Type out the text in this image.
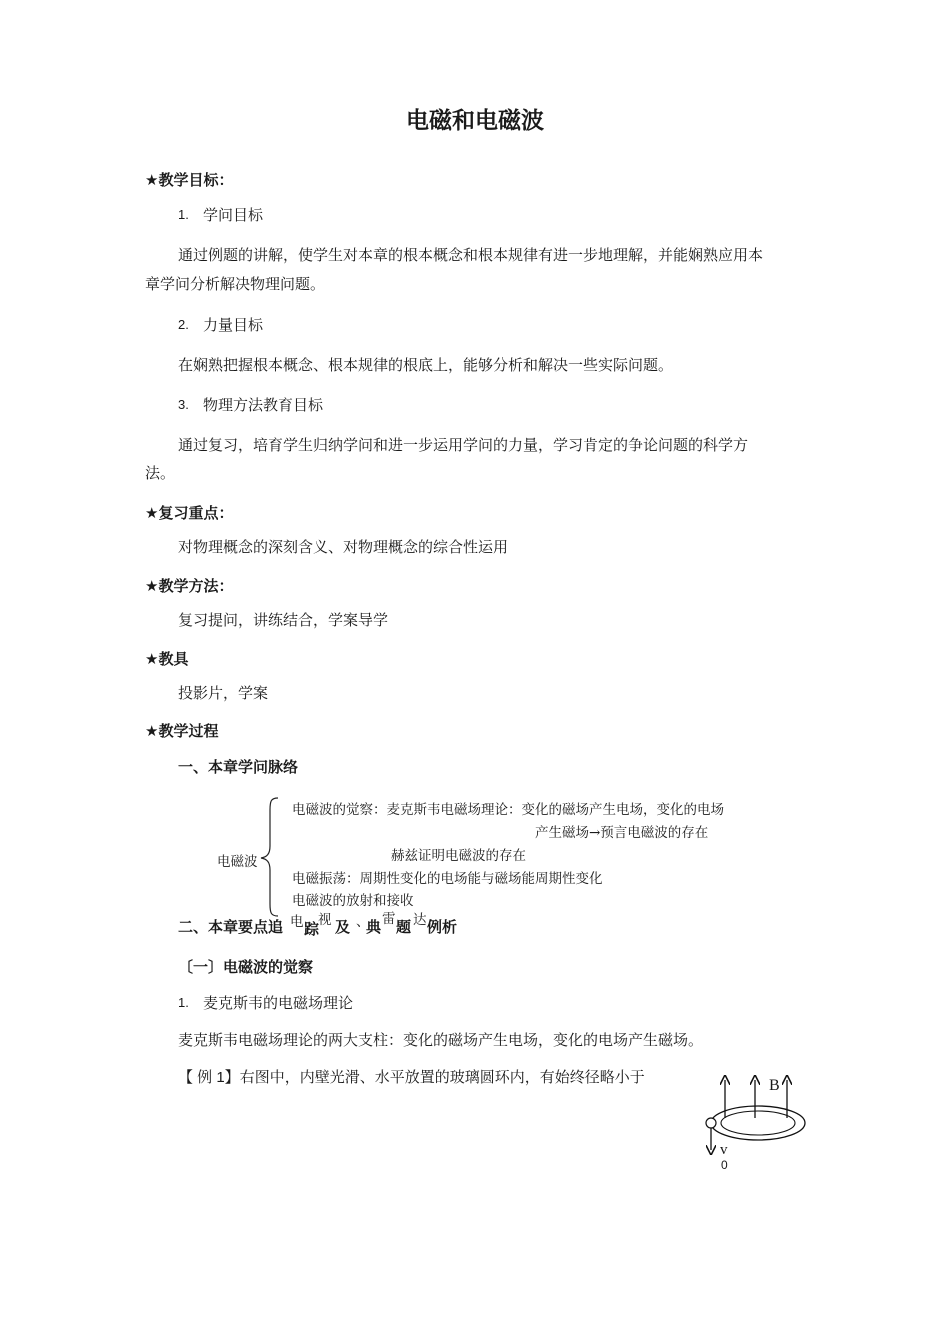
电磁和电磁波
★教学目标：
1. 学问目标
通过例题的讲解，使学生对本章的根本概念和根本规律有进一步地理解，并能娴熟应用本
章学问分析解决物理问题。
2. 力量目标
在娴熟把握根本概念、根本规律的根底上，能够分析和解决一些实际问题。
3. 物理方法教育目标
通过复习，培育学生归纳学问和进一步运用学问的力量，学习肯定的争论问题的科学方
法。
★复习重点：
对物理概念的深刻含义、对物理概念的综合性运用
★教学方法：
复习提问，讲练结合，学案导学
★教具
投影片，学案
★教学过程
一、本章学问脉络
电磁波
电磁波的觉察：麦克斯韦电磁场理论：变化的磁场产生电场，变化的电场
产生磁场→预言电磁波的存在
赫兹证明电磁波的存在
电磁振荡：周期性变化的电场能与磁场能周期性变化
电磁波的放射和接收
电 视 、 雷 达
二、本章要点追 踪 及 典 题 例析
〔一〕电磁波的觉察
1. 麦克斯韦的电磁场理论
麦克斯韦电磁场理论的两大支柱：变化的磁场产生电场，变化的电场产生磁场。
【 例 1】右图中，内壁光滑、水平放置的玻璃圆环内，有始终径略小于	B
v
0
